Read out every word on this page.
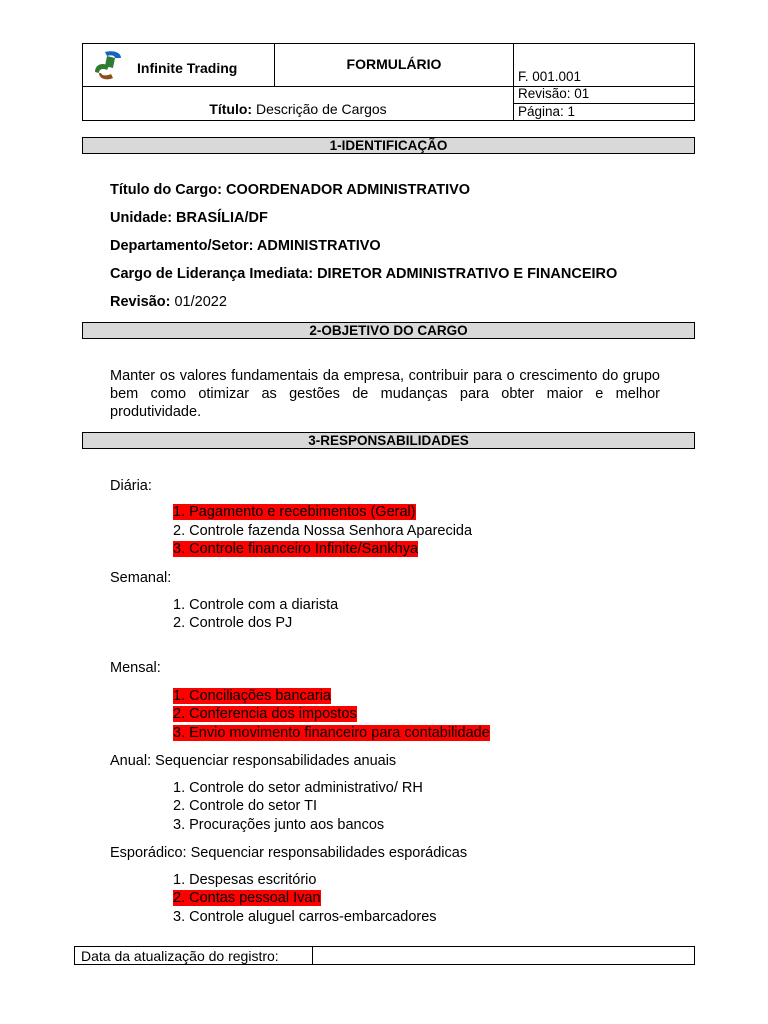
Infinite Trading	FORMULÁRIO
F. 001.001
Revisão: 01
Página: 1
Título: Descrição de Cargos
1-IDENTIFICAÇÃO
Título do Cargo: COORDENADOR ADMINISTRATIVO
Unidade: BRASÍLIA/DF
Departamento/Setor: ADMINISTRATIVO
Cargo de Liderança Imediata: DIRETOR ADMINISTRATIVO E FINANCEIRO
Revisão: 01/2022
2-OBJETIVO DO CARGO
Manter os valores fundamentais da empresa, contribuir para o crescimento do grupo bem como otimizar as gestões de mudanças para obter maior e melhor produtividade.
3-RESPONSABILIDADES
Diária:
1. Pagamento e recebimentos (Geral)
2. Controle fazenda Nossa Senhora Aparecida
3. Controle financeiro Infinite/Sankhya
Semanal:
1. Controle com a diarista
2. Controle dos PJ
Mensal:
1. Conciliações bancaria
2. Conferencia dos impostos
3. Envio movimento financeiro para contabilidade
Anual: Sequenciar responsabilidades anuais
1. Controle do setor administrativo/ RH
2. Controle do setor TI
3. Procurações junto aos bancos
Esporádico: Sequenciar responsabilidades esporádicas
1. Despesas escritório
2. Contas pessoal Ivan
3. Controle aluguel carros-embarcadores
Data da atualização do registro:
